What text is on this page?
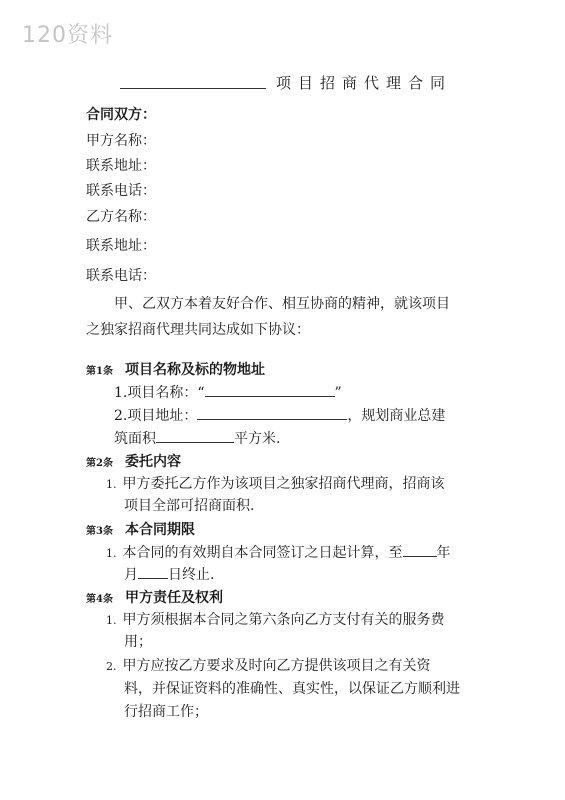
120资料
项目招商代理合同
合同双方：
甲方名称：
联系地址：
联系电话：
乙方名称：
联系地址：
联系电话：
甲、乙双方本着友好合作、相互协商的精神，就该项目
之独家招商代理共同达成如下协议：
第1条 项目名称及标的物地址
1.项目名称：“	”
2.项目地址：	，规划商业总建
筑面积	平方米.
第2条 委托内容
1. 甲方委托乙方作为该项目之独家招商代理商，招商该
项目全部可招商面积.
第3条 本合同期限
1. 本合同的有效期自本合同签订之日起计算，至 年
月 日终止.
第4条 甲方责任及权利
1. 甲方须根据本合同之第六条向乙方支付有关的服务费
用；
2. 甲方应按乙方要求及时向乙方提供该项目之有关资
料，并保证资料的准确性、真实性，以保证乙方顺利进
行招商工作；
